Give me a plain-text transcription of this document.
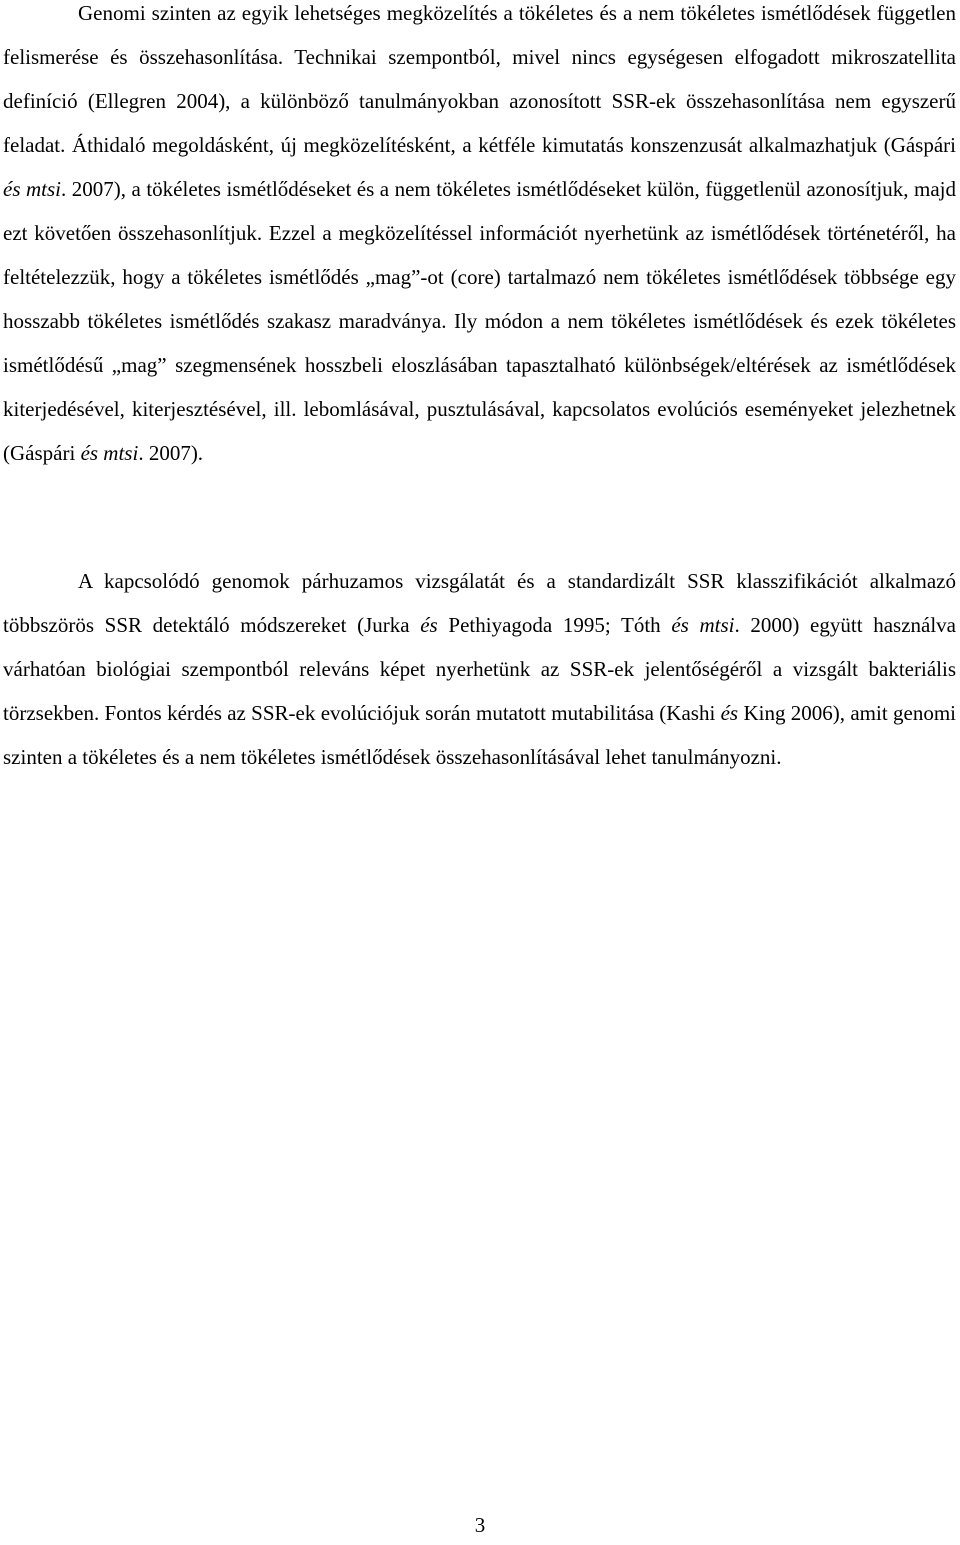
Genomi szinten az egyik lehetséges megközelítés a tökéletes és a nem tökéletes ismétlődések független felismerése és összehasonlítása. Technikai szempontból, mivel nincs egységesen elfogadott mikroszatellita definíció (Ellegren 2004), a különböző tanulmányokban azonosított SSR-ek összehasonlítása nem egyszerű feladat. Áthidaló megoldásként, új megközelítésként, a kétféle kimutatás konszenzusát alkalmazhatjuk (Gáspári és mtsi. 2007), a tökéletes ismétlődéseket és a nem tökéletes ismétlődéseket külön, függetlenül azonosítjuk, majd ezt követően összehasonlítjuk. Ezzel a megközelítéssel információt nyerhetünk az ismétlődések történetéről, ha feltételezzük, hogy a tökéletes ismétlődés „mag”-ot (core) tartalmazó nem tökéletes ismétlődések többsége egy hosszabb tökéletes ismétlődés szakasz maradványa. Ily módon a nem tökéletes ismétlődések és ezek tökéletes ismétlődésű „mag” szegmensének hosszbeli eloszlásában tapasztalható különbségek/eltérések az ismétlődések kiterjedésével, kiterjesztésével, ill. lebomlásával, pusztulásával, kapcsolatos evolúciós eseményeket jelezhetnek (Gáspári és mtsi. 2007).

A kapcsolódó genomok párhuzamos vizsgálatát és a standardizált SSR klasszifikációt alkalmazó többszörös SSR detektáló módszereket (Jurka és Pethiyagoda 1995; Tóth és mtsi. 2000) együtt használva várhatóan biológiai szempontból releváns képet nyerhetünk az SSR-ek jelentőségéről a vizsgált bakteriális törzsekben. Fontos kérdés az SSR-ek evolúciójuk során mutatott mutabilitása (Kashi és King 2006), amit genomi szinten a tökéletes és a nem tökéletes ismétlődések összehasonlításával lehet tanulmányozni.

3
